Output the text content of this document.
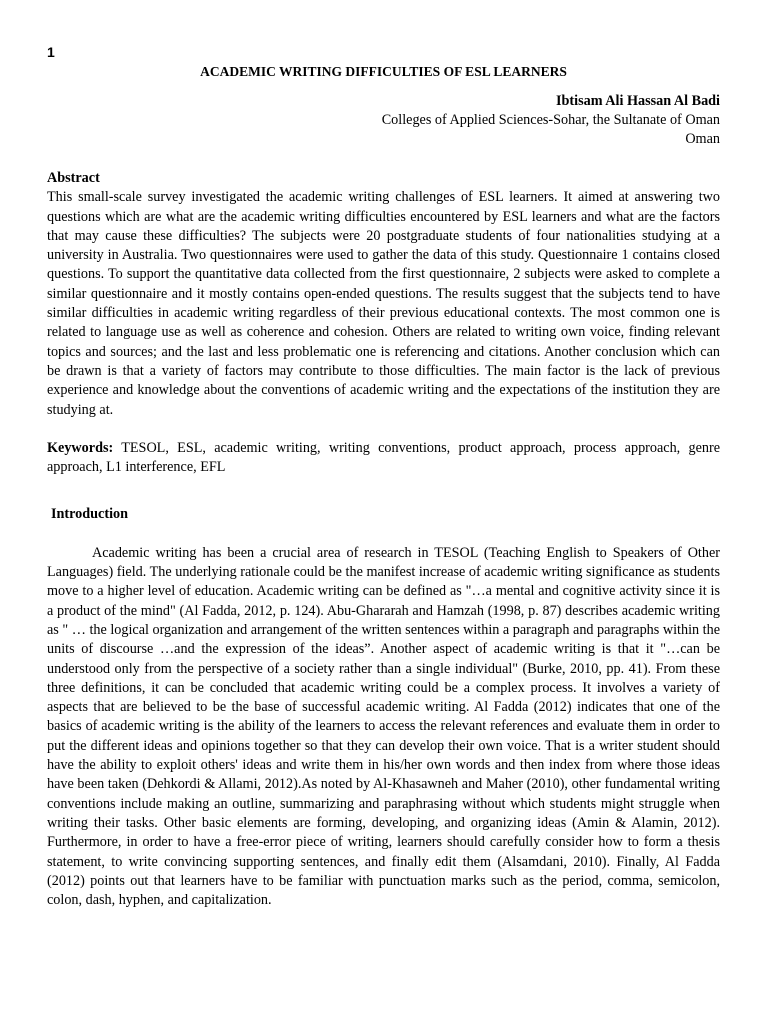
1
ACADEMIC WRITING DIFFICULTIES OF ESL LEARNERS
Ibtisam Ali Hassan Al Badi
Colleges of Applied Sciences-Sohar, the Sultanate of Oman
Oman
Abstract

This small-scale survey investigated the academic writing challenges of ESL learners. It aimed at answering two questions which are what are the academic writing difficulties encountered by ESL learners and what are the factors that may cause these difficulties? The subjects were 20 postgraduate students of four nationalities studying at a university in Australia. Two questionnaires were used to gather the data of this study. Questionnaire 1 contains closed questions. To support the quantitative data collected from the first questionnaire, 2 subjects were asked to complete a similar questionnaire and it mostly contains open-ended questions. The results suggest that the subjects tend to have similar difficulties in academic writing regardless of their previous educational contexts. The most common one is related to language use as well as coherence and cohesion. Others are related to writing own voice, finding relevant topics and sources; and the last and less problematic one is referencing and citations. Another conclusion which can be drawn is that a variety of factors may contribute to those difficulties. The main factor is the lack of previous experience and knowledge about the conventions of academic writing and the expectations of the institution they are studying at.

Keywords: TESOL, ESL, academic writing, writing conventions, product approach, process approach, genre approach, L1 interference, EFL

Introduction

Academic writing has been a crucial area of research in TESOL (Teaching English to Speakers of Other Languages) field. The underlying rationale could be the manifest increase of academic writing significance as students move to a higher level of education. Academic writing can be defined as "…a mental and cognitive activity since it is a product of the mind" (Al Fadda, 2012, p. 124). Abu-Ghararah and Hamzah (1998, p. 87) describes academic writing as " … the logical organization and arrangement of the written sentences within a paragraph and paragraphs within the units of discourse …and the expression of the ideas”. Another aspect of academic writing is that it "…can be understood only from the perspective of a society rather than a single individual" (Burke, 2010, pp. 41). From these three definitions, it can be concluded that academic writing could be a complex process. It involves a variety of aspects that are believed to be the base of successful academic writing. Al Fadda (2012) indicates that one of the basics of academic writing is the ability of the learners to access the relevant references and evaluate them in order to put the different ideas and opinions together so that they can develop their own voice. That is a writer student should have the ability to exploit others' ideas and write them in his/her own words and then index from where those ideas have been taken (Dehkordi & Allami, 2012).As noted by Al-Khasawneh and Maher (2010), other fundamental writing conventions include making an outline, summarizing and paraphrasing without which students might struggle when writing their tasks. Other basic elements are forming, developing, and organizing ideas (Amin & Alamin, 2012). Furthermore, in order to have a free-error piece of writing, learners should carefully consider how to form a thesis statement, to write convincing supporting sentences, and finally edit them (Alsamdani, 2010). Finally, Al Fadda (2012) points out that learners have to be familiar with punctuation marks such as the period, comma, semicolon, colon, dash, hyphen, and capitalization.
